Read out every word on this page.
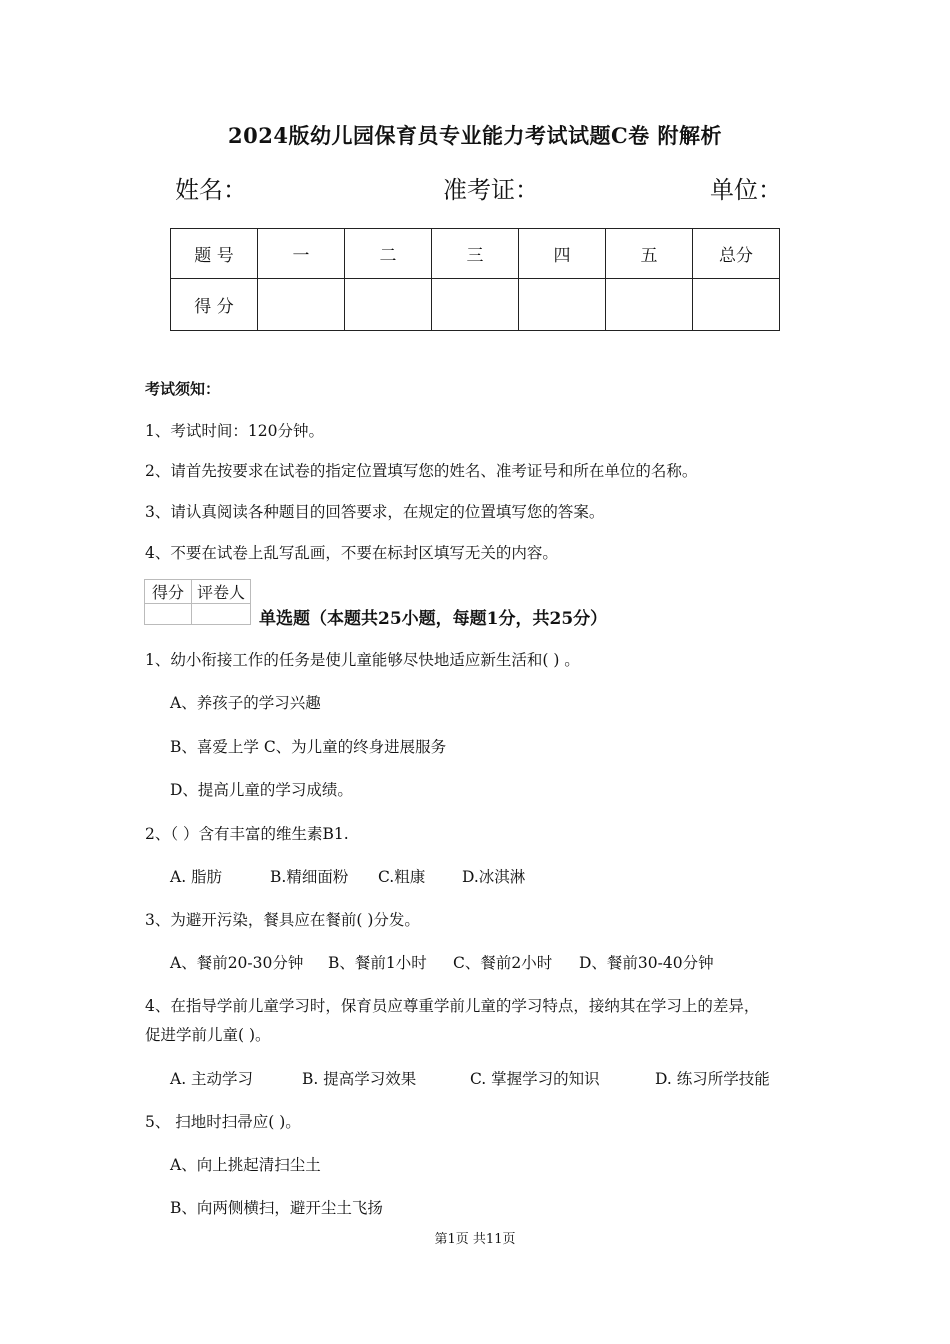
2024版幼儿园保育员专业能力考试试题C卷 附解析
姓名：	准考证：	单位：
题 号	一	二	三	四	五	总分
得 分						
考试须知：
1、考试时间：120分钟。
2、请首先按要求在试卷的指定位置填写您的姓名、准考证号和所在单位的名称。
3、请认真阅读各种题目的回答要求，在规定的位置填写您的答案。
4、不要在试卷上乱写乱画，不要在标封区填写无关的内容。
得分	评卷人

单选题（本题共25小题，每题1分，共25分）
1、幼小衔接工作的任务是使儿童能够尽快地适应新生活和( ) 。
A、养孩子的学习兴趣
B、喜爱上学 C、为儿童的终身进展服务
D、提高儿童的学习成绩。
2、（ ）含有丰富的维生素B1.
A. 脂肪	B.精细面粉 C.粗康 D.冰淇淋
3、为避开污染，餐具应在餐前( )分发。
A、餐前20-30分钟 B、餐前1小时 C、餐前2小时 D、餐前30-40分钟
4、在指导学前儿童学习时，保育员应尊重学前儿童的学习特点，接纳其在学习上的差异，
促进学前儿童( )。
A. 主动学习	B. 提高学习效果	C. 掌握学习的知识	D. 练习所学技能
5、 扫地时扫帚应( )。
A、向上挑起清扫尘土
B、向两侧横扫，避开尘土飞扬
第1页 共11页
